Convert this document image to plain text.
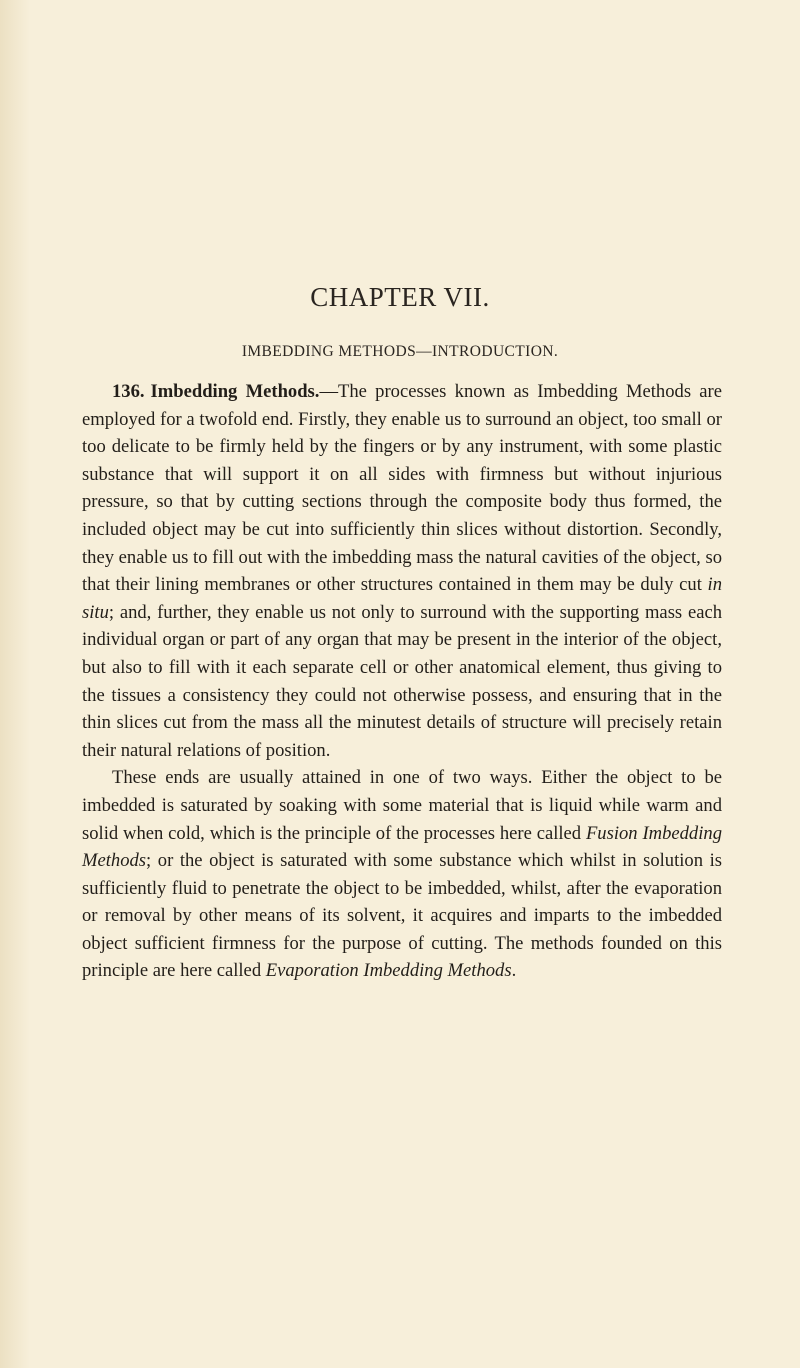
CHAPTER VII.
IMBEDDING METHODS—INTRODUCTION.

136. Imbedding Methods.—The processes known as Imbedding Methods are employed for a twofold end. Firstly, they enable us to surround an object, too small or too delicate to be firmly held by the fingers or by any instrument, with some plastic substance that will support it on all sides with firmness but without injurious pressure, so that by cutting sections through the composite body thus formed, the included object may be cut into sufficiently thin slices without distortion. Secondly, they enable us to fill out with the imbedding mass the natural cavities of the object, so that their lining membranes or other structures contained in them may be duly cut in situ; and, further, they enable us not only to surround with the supporting mass each individual organ or part of any organ that may be present in the interior of the object, but also to fill with it each separate cell or other anatomical element, thus giving to the tissues a consistency they could not otherwise possess, and ensuring that in the thin slices cut from the mass all the minutest details of structure will precisely retain their natural relations of position.

These ends are usually attained in one of two ways. Either the object to be imbedded is saturated by soaking with some material that is liquid while warm and solid when cold, which is the principle of the processes here called Fusion Imbedding Methods; or the object is saturated with some substance which whilst in solution is sufficiently fluid to penetrate the object to be imbedded, whilst, after the evaporation or removal by other means of its solvent, it acquires and imparts to the imbedded object sufficient firmness for the purpose of cutting. The methods founded on this principle are here called Evaporation Imbedding Methods.
